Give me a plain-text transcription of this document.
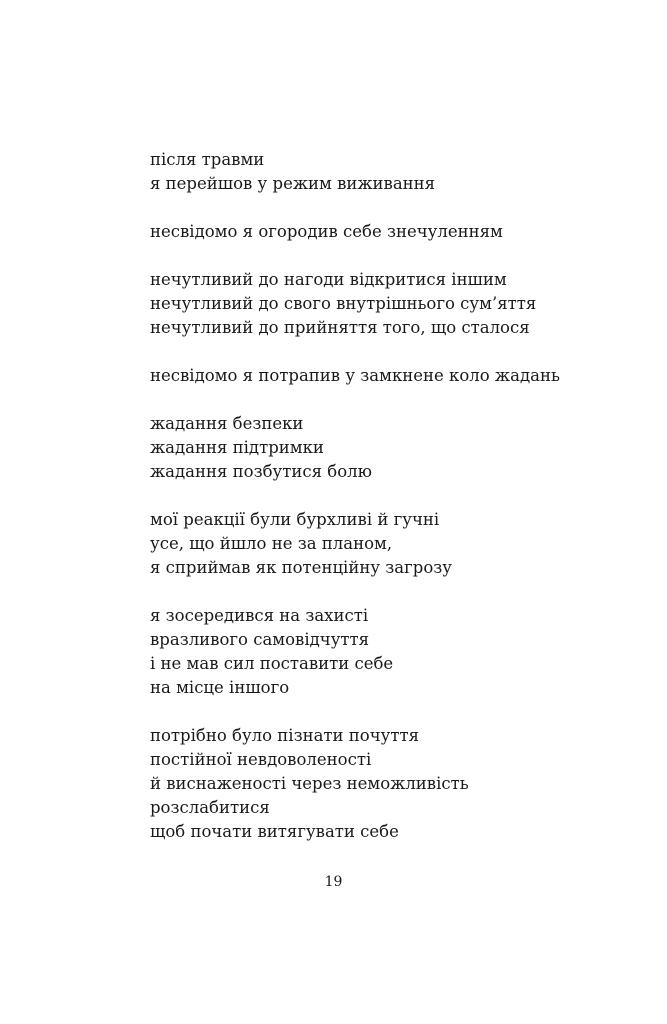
після травми
я перейшов у режим виживання
несвідомо я огородив себе знечуленням
нечутливий до нагоди відкритися іншим
нечутливий до свого внутрішнього сум’яття
нечутливий до прийняття того, що сталося
несвідомо я потрапив у замкнене коло жадань
жадання безпеки
жадання підтримки
жадання позбутися болю
мої реакції були бурхливі й гучні
усе, що йшло не за планом,
я сприймав як потенційну загрозу
я зосередився на захисті
вразливого самовідчуття
і не мав сил поставити себе
на місце іншого
потрібно було пізнати почуття
постійної невдоволеності
й виснаженості через неможливість
розслабитися
щоб почати витягувати себе
19
